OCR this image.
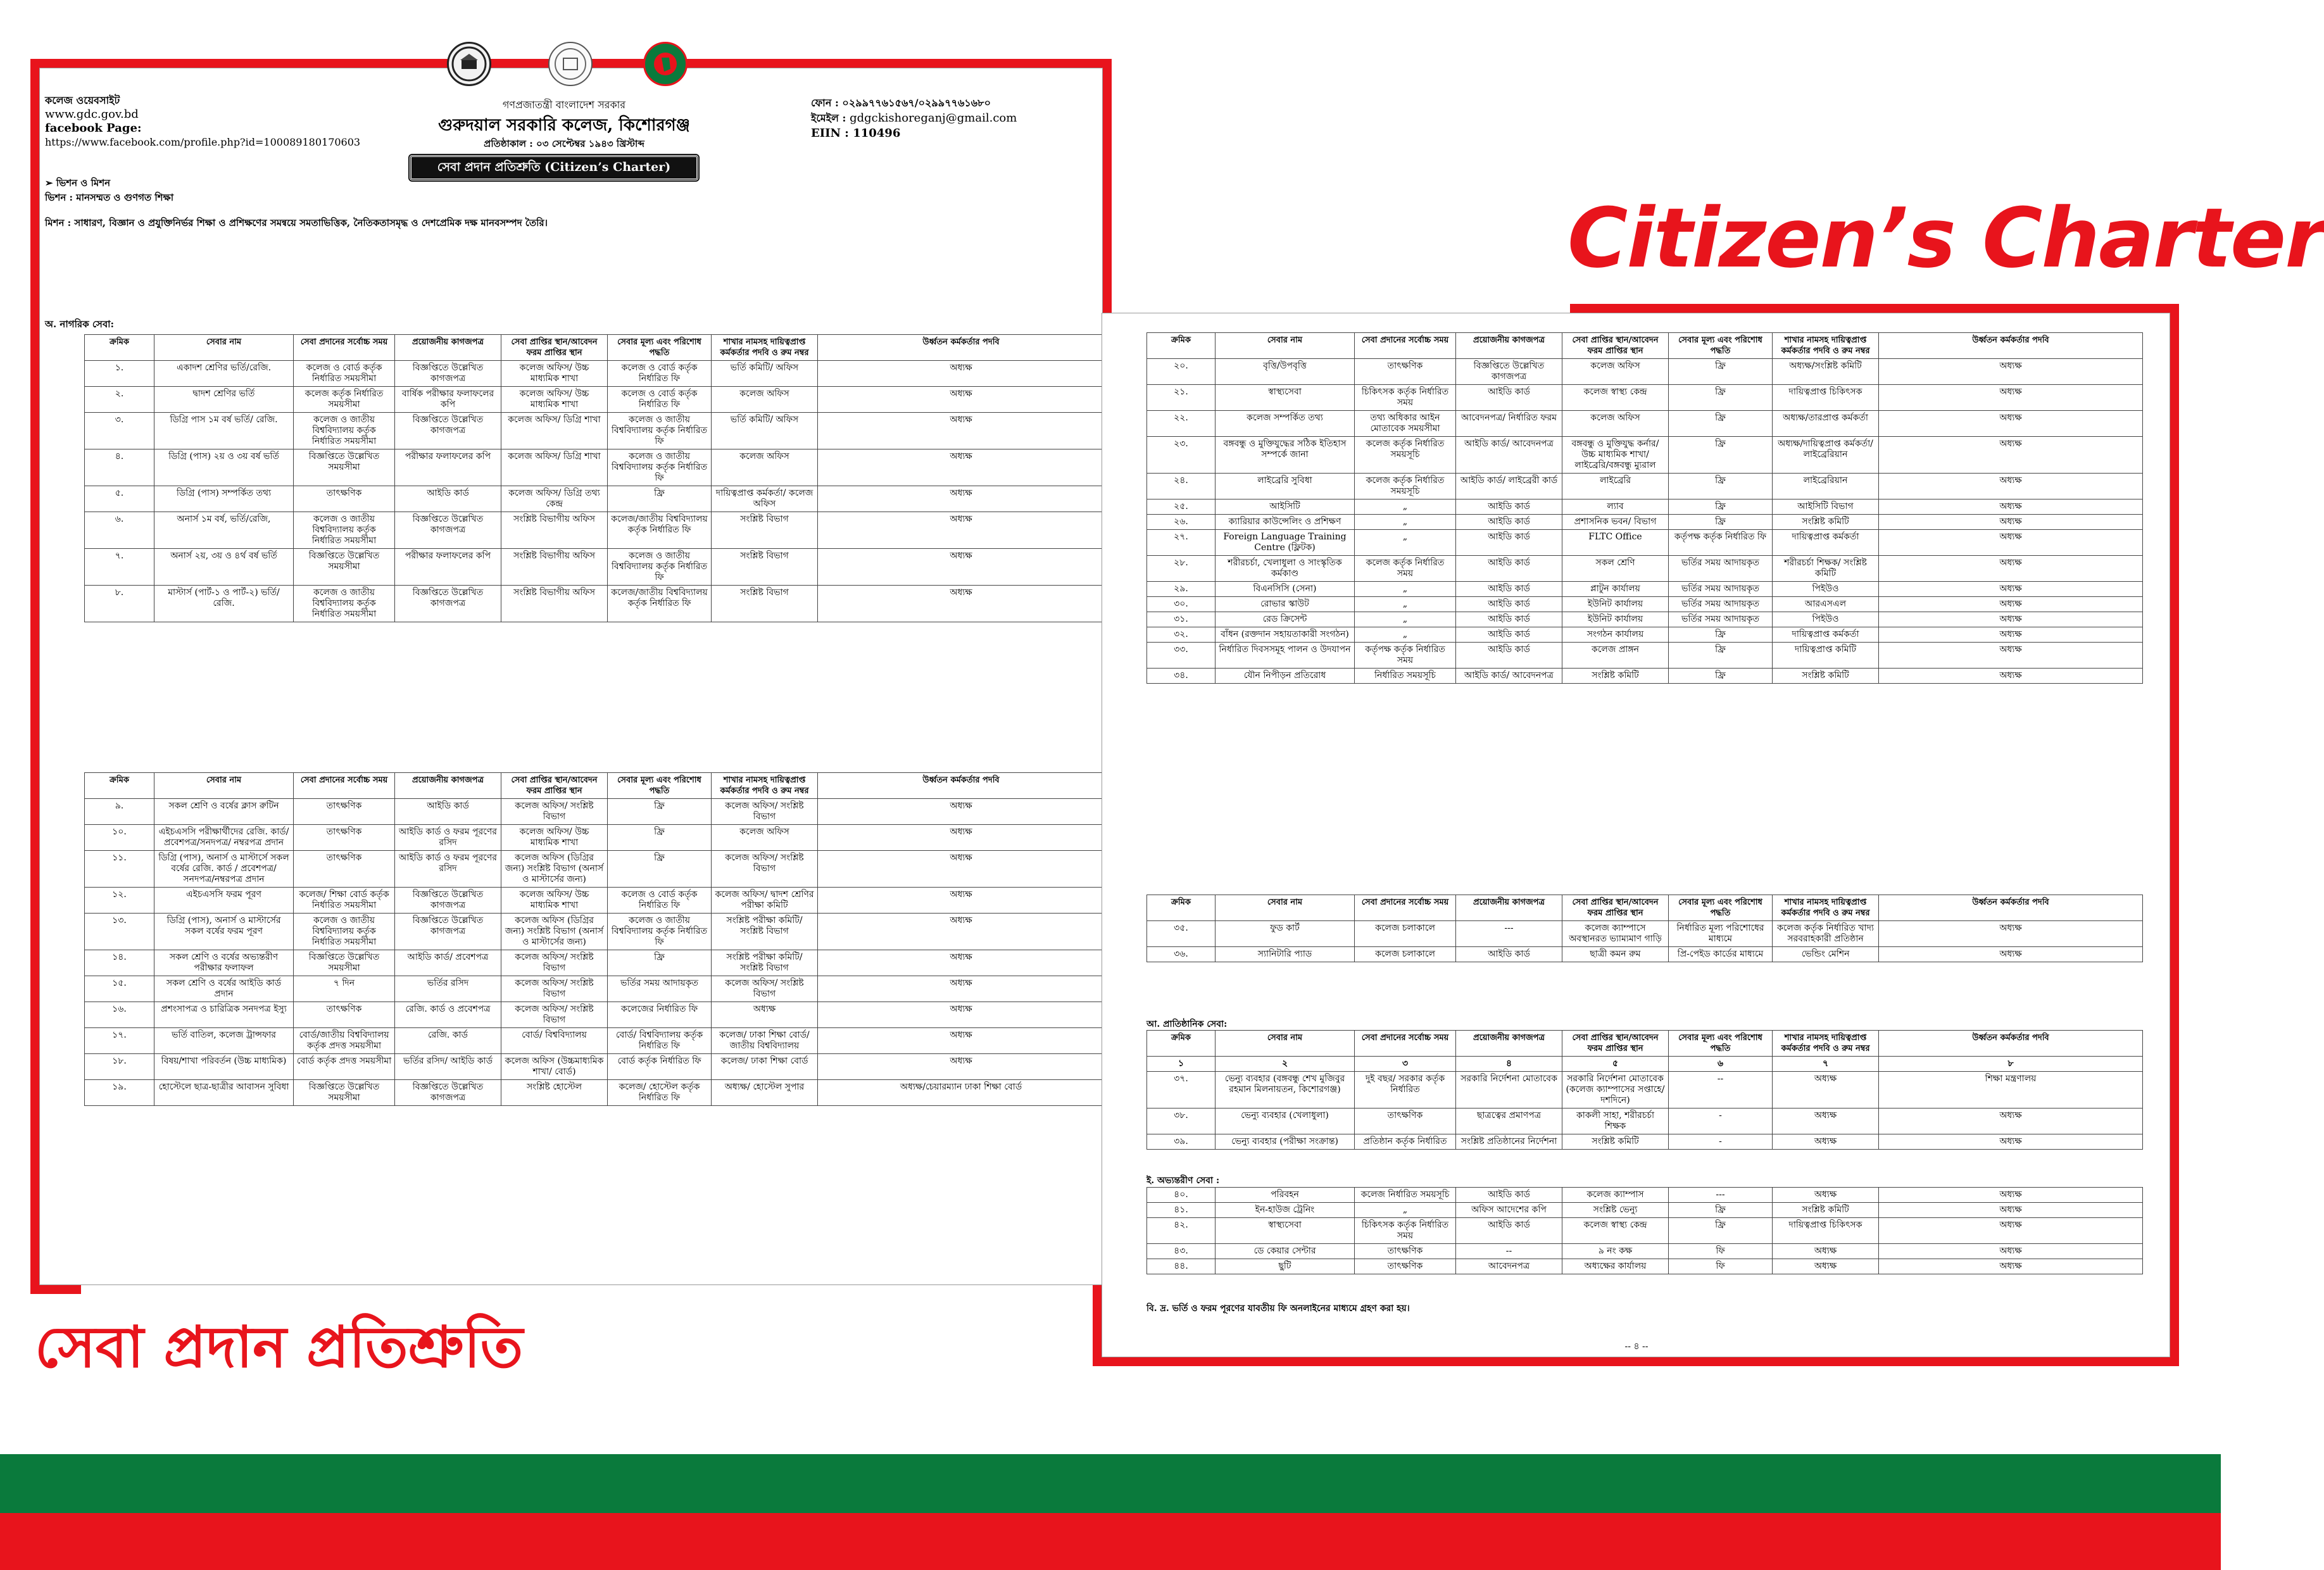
কলেজ ওয়েবসাইট
www.gdc.gov.bd
facebook Page:
https://www.facebook.com/profile.php?id=100089180170603
গণপ্রজাতন্ত্রী বাংলাদেশ সরকার
গুরুদয়াল সরকারি কলেজ, কিশোরগঞ্জ
প্রতিষ্ঠাকাল : ০৩ সেপ্টেম্বর ১৯৪৩ খ্রিস্টাব্দ
সেবা প্রদান প্রতিশ্রুতি (Citizen’s Charter)
ফোন : ০২৯৯৭৭৬১৫৬৭/০২৯৯৭৭৬১৬৮০
ইমেইল : gdgckishoreganj@gmail.com
EIIN : 110496
➢ ভিশন ও মিশন
ভিশন : মানসম্মত ও গুণগত শিক্ষা
মিশন : সাধারণ, বিজ্ঞান ও প্রযুক্তিনির্ভর শিক্ষা ও প্রশিক্ষণের সমন্বয়ে সমতাভিত্তিক, নৈতিকতাসমৃদ্ধ ও দেশপ্রেমিক দক্ষ মানবসম্পদ তৈরি।
অ. নাগরিক সেবা:
ক্রমিক	সেবার নাম	সেবা প্রদানের সর্বোচ্চ সময়	প্রয়োজনীয় কাগজপত্র	সেবা প্রাপ্তির স্থান/আবেদন ফরম প্রাপ্তির স্থান	সেবার মূল্য এবং পরিশোধ পদ্ধতি	শাখার নামসহ দায়িত্বপ্রাপ্ত কর্মকর্তার পদবি ও রুম নম্বর	উর্ধ্বতন কর্মকর্তার পদবি
১.	একাদশ শ্রেণির ভর্তি/রেজি.	কলেজ ও বোর্ড কর্তৃক নির্ধারিত সময়সীমা	বিজ্ঞপ্তিতে উল্লেখিত কাগজপত্র	কলেজ অফিস/ উচ্চ মাধ্যমিক শাখা	কলেজ ও বোর্ড কর্তৃক নির্ধারিত ফি	ভর্তি কমিটি/ অফিস	অধ্যক্ষ
২.	দ্বাদশ শ্রেণির ভর্তি	কলেজ কর্তৃক নির্ধারিত সময়সীমা	বার্ষিক পরীক্ষার ফলাফলের কপি	কলেজ অফিস/ উচ্চ মাধ্যমিক শাখা	কলেজ ও বোর্ড কর্তৃক নির্ধারিত ফি	কলেজ অফিস	অধ্যক্ষ
৩.	ডিগ্রি পাস ১ম বর্ষ ভর্তি/ রেজি.	কলেজ ও জাতীয় বিশ্ববিদ্যালয় কর্তৃক নির্ধারিত সময়সীমা	বিজ্ঞপ্তিতে উল্লেখিত কাগজপত্র	কলেজ অফিস/ ডিগ্রি শাখা	কলেজ ও জাতীয় বিশ্ববিদ্যালয় কর্তৃক নির্ধারিত ফি	ভর্তি কমিটি/ অফিস	অধ্যক্ষ
৪.	ডিগ্রি (পাস) ২য় ও ৩য় বর্ষ ভর্তি	বিজ্ঞপ্তিতে উল্লেখিত সময়সীমা	পরীক্ষার ফলাফলের কপি	কলেজ অফিস/ ডিগ্রি শাখা	কলেজ ও জাতীয় বিশ্ববিদ্যালয় কর্তৃক নির্ধারিত ফি	কলেজ অফিস	অধ্যক্ষ
৫.	ডিগ্রি (পাস) সম্পর্কিত তথ্য	তাৎক্ষণিক	আইডি কার্ড	কলেজ অফিস/ ডিগ্রি তথ্য কেন্দ্র	ফ্রি	দায়িত্বপ্রাপ্ত কর্মকর্তা/ কলেজ অফিস	অধ্যক্ষ
৬.	অনার্স ১ম বর্ষ, ভর্তি/রেজি,	কলেজ ও জাতীয় বিশ্ববিদ্যালয় কর্তৃক নির্ধারিত সময়সীমা	বিজ্ঞপ্তিতে উল্লেখিত কাগজপত্র	সংশ্লিষ্ট বিভাগীয় অফিস	কলেজ/জাতীয় বিশ্ববিদ্যালয় কর্তৃক নির্ধারিত ফি	সংশ্লিষ্ট বিভাগ	অধ্যক্ষ
৭.	অনার্স ২য়, ৩য় ও ৪র্থ বর্ষ ভর্তি	বিজ্ঞপ্তিতে উল্লেখিত সময়সীমা	পরীক্ষার ফলাফলের কপি	সংশ্লিষ্ট বিভাগীয় অফিস	কলেজ ও জাতীয় বিশ্ববিদ্যালয় কর্তৃক নির্ধারিত ফি	সংশ্লিষ্ট বিভাগ	অধ্যক্ষ
৮.	মাস্টার্স (পার্ট-১ ও পার্ট-২) ভর্তি/ রেজি.	কলেজ ও জাতীয় বিশ্ববিদ্যালয় কর্তৃক নির্ধারিত সময়সীমা	বিজ্ঞপ্তিতে উল্লেখিত কাগজপত্র	সংশ্লিষ্ট বিভাগীয় অফিস	কলেজ/জাতীয় বিশ্ববিদ্যালয় কর্তৃক নির্ধারিত ফি	সংশ্লিষ্ট বিভাগ	অধ্যক্ষ
ক্রমিক	সেবার নাম	সেবা প্রদানের সর্বোচ্চ সময়	প্রয়োজনীয় কাগজপত্র	সেবা প্রাপ্তির স্থান/আবেদন ফরম প্রাপ্তির স্থান	সেবার মূল্য এবং পরিশোধ পদ্ধতি	শাখার নামসহ দায়িত্বপ্রাপ্ত কর্মকর্তার পদবি ও রুম নম্বর	উর্ধ্বতন কর্মকর্তার পদবি
৯.	সকল শ্রেণি ও বর্ষের ক্লাস রুটিন	তাৎক্ষণিক	আইডি কার্ড	কলেজ অফিস/ সংশ্লিষ্ট বিভাগ	ফ্রি	কলেজ অফিস/ সংশ্লিষ্ট বিভাগ	অধ্যক্ষ
১০.	এইচএসসি পরীক্ষার্থীদের রেজি. কার্ড/ প্রবেশপত্র/সনদপত্র/ নম্বরপত্র প্রদান	তাৎক্ষণিক	আইডি কার্ড ও ফরম পূরণের রসিদ	কলেজ অফিস/ উচ্চ মাধ্যমিক শাখা	ফ্রি	কলেজ অফিস	অধ্যক্ষ
১১.	ডিগ্রি (পাস), অনার্স ও মাস্টার্সে সকল বর্ষের রেজি. কার্ড / প্রবেশপত্র/ সনদপত্র/নম্বরপত্র প্রদান	তাৎক্ষণিক	আইডি কার্ড ও ফরম পূরণের রসিদ	কলেজ অফিস (ডিগ্রির জন্য) সংশ্লিষ্ট বিভাগ (অনার্স ও মাস্টার্সের জন্য)	ফ্রি	কলেজ অফিস/ সংশ্লিষ্ট বিভাগ	অধ্যক্ষ
১২.	এইচএসসি ফরম পূরণ	কলেজ/ শিক্ষা বোর্ড কর্তৃক নির্ধারিত সময়সীমা	বিজ্ঞপ্তিতে উল্লেখিত কাগজপত্র	কলেজ অফিস/ উচ্চ মাধ্যমিক শাখা	কলেজ ও বোর্ড কর্তৃক নির্ধারিত ফি	কলেজ অফিস/ দ্বাদশ শ্রেণির পরীক্ষা কমিটি	অধ্যক্ষ
১৩.	ডিগ্রি (পাস), অনার্স ও মাস্টার্সের সকল বর্ষের ফরম পূরণ	কলেজ ও জাতীয় বিশ্ববিদ্যালয় কর্তৃক নির্ধারিত সময়সীমা	বিজ্ঞপ্তিতে উল্লেখিত কাগজপত্র	কলেজ অফিস (ডিগ্রির জন্য) সংশ্লিষ্ট বিভাগ (অনার্স ও মাস্টার্সের জন্য)	কলেজ ও জাতীয় বিশ্ববিদ্যালয় কর্তৃক নির্ধারিত ফি	সংশ্লিষ্ট পরীক্ষা কমিটি/ সংশ্লিষ্ট বিভাগ	অধ্যক্ষ
১৪.	সকল শ্রেণি ও বর্ষের অভ্যন্তরীণ পরীক্ষার ফলাফল	বিজ্ঞপ্তিতে উল্লেখিত সময়সীমা	আইডি কার্ড/ প্রবেশপত্র	কলেজ অফিস/ সংশ্লিষ্ট বিভাগ	ফ্রি	সংশ্লিষ্ট পরীক্ষা কমিটি/ সংশ্লিষ্ট বিভাগ	অধ্যক্ষ
১৫.	সকল শ্রেণি ও বর্ষের আইডি কার্ড প্রদান	৭ দিন	ভর্তির রসিদ	কলেজ অফিস/ সংশ্লিষ্ট বিভাগ	ভর্তির সময় আদায়কৃত	কলেজ অফিস/ সংশ্লিষ্ট বিভাগ	অধ্যক্ষ
১৬.	প্রশংসাপত্র ও চারিত্রিক সনদপত্র ইস্যু	তাৎক্ষণিক	রেজি. কার্ড ও প্রবেশপত্র	কলেজ অফিস/ সংশ্লিষ্ট বিভাগ	কলেজের নির্ধারিত ফি	অধ্যক্ষ	অধ্যক্ষ
১৭.	ভর্তি বাতিল, কলেজ ট্রান্সফার	বোর্ড/জাতীয় বিশ্ববিদ্যালয় কর্তৃক প্রদত্ত সময়সীমা	রেজি. কার্ড	বোর্ড/ বিশ্ববিদ্যালয়	বোর্ড/ বিশ্ববিদ্যালয় কর্তৃক নির্ধারিত ফি	কলেজ/ ঢাকা শিক্ষা বোর্ড/ জাতীয় বিশ্ববিদ্যালয়	অধ্যক্ষ
১৮.	বিষয়/শাখা পরিবর্তন (উচ্চ মাধ্যমিক)	বোর্ড কর্তৃক প্রদত্ত সময়সীমা	ভর্তির রসিদ/ আইডি কার্ড	কলেজ অফিস (উচ্চমাধ্যমিক শাখা/ বোর্ড)	বোর্ড কর্তৃক নির্ধারিত ফি	কলেজ/ ঢাকা শিক্ষা বোর্ড	অধ্যক্ষ
১৯.	হোস্টেলে ছাত্র-ছাত্রীর আবাসন সুবিধা	বিজ্ঞপ্তিতে উল্লেখিত সময়সীমা	বিজ্ঞপ্তিতে উল্লেখিত কাগজপত্র	সংশ্লিষ্ট হোস্টেল	কলেজ/ হোস্টেল কর্তৃক নির্ধারিত ফি	অধ্যক্ষ/ হোস্টেল সুপার	অধ্যক্ষ/চেয়ারম্যান ঢাকা শিক্ষা বোর্ড
ক্রমিক	সেবার নাম	সেবা প্রদানের সর্বোচ্চ সময়	প্রয়োজনীয় কাগজপত্র	সেবা প্রাপ্তির স্থান/আবেদন ফরম প্রাপ্তির স্থান	সেবার মূল্য এবং পরিশোধ পদ্ধতি	শাখার নামসহ দায়িত্বপ্রাপ্ত কর্মকর্তার পদবি ও রুম নম্বর	উর্ধ্বতন কর্মকর্তার পদবি
২০.	বৃত্তি/উপবৃত্তি	তাৎক্ষণিক	বিজ্ঞপ্তিতে উল্লেখিত কাগজপত্র	কলেজ অফিস	ফ্রি	অধ্যক্ষ/সংশ্লিষ্ট কমিটি	অধ্যক্ষ
২১.	স্বাস্থ্যসেবা	চিকিৎসক কর্তৃক নির্ধারিত সময়	আইডি কার্ড	কলেজ স্বাস্থ্য কেন্দ্র	ফ্রি	দায়িত্বপ্রাপ্ত চিকিৎসক	অধ্যক্ষ
২২.	কলেজ সম্পর্কিত তথ্য	তথ্য অধিকার আইন মোতাবেক সময়সীমা	আবেদনপত্র/ নির্ধারিত ফরম	কলেজ অফিস	ফ্রি	অধ্যক্ষ/তারপ্রাপ্ত কর্মকর্তা	অধ্যক্ষ
২৩.	বঙ্গবন্ধু ও মুক্তিযুদ্ধের সঠিক ইতিহাস সম্পর্কে জানা	কলেজ কর্তৃক নির্ধারিত সময়সূচি	আইডি কার্ড/ আবেদনপত্র	বঙ্গবন্ধু ও মুক্তিযুদ্ধ কর্নার/উচ্চ মাধ্যমিক শাখা/ লাইব্রেরি/বঙ্গবন্ধু ম্যুরাল	ফ্রি	অধ্যক্ষ/দায়িত্বপ্রাপ্ত কর্মকর্তা/ লাইব্রেরিয়ান	অধ্যক্ষ
২৪.	লাইব্রেরি সুবিধা	কলেজ কর্তৃক নির্ধারিত সময়সূচি	আইডি কার্ড/ লাইব্রেরী কার্ড	লাইব্রেরি	ফ্রি	লাইব্রেরিয়ান	অধ্যক্ষ
২৫.	আইসিটি	„	আইডি কার্ড	ল্যাব	ফ্রি	আইসিটি বিভাগ	অধ্যক্ষ
২৬.	ক্যারিয়ার কাউন্সেলিং ও প্রশিক্ষণ	„	আইডি কার্ড	প্রশাসনিক ভবন/ বিভাগ	ফ্রি	সংশ্লিষ্ট কমিটি	অধ্যক্ষ
২৭.	Foreign Language Training Centre (ফ্লিটক)	„	আইডি কার্ড	FLTC Office	কর্তৃপক্ষ কর্তৃক নির্ধারিত ফি	দায়িত্বপ্রাপ্ত কর্মকর্তা	অধ্যক্ষ
২৮.	শরীরচর্চা, খেলাধুলা ও সাংস্কৃতিক কর্মকাণ্ড	কলেজ কর্তৃক নির্ধারিত সময়	আইডি কার্ড	সকল শ্রেণি	ভর্তির সময় আদায়কৃত	শরীরচর্চা শিক্ষক/ সংশ্লিষ্ট কমিটি	অধ্যক্ষ
২৯.	বিএনসিসি (সেনা)	„	আইডি কার্ড	প্লাটুন কার্যালয়	ভর্তির সময় আদায়কৃত	পিইউও	অধ্যক্ষ
৩০.	রোভার স্কাউট	„	আইডি কার্ড	ইউনিট কার্যালয়	ভর্তির সময় আদায়কৃত	আরএসএল	অধ্যক্ষ
৩১.	রেড ক্রিসেন্ট	„	আইডি কার্ড	ইউনিট কার্যালয়	ভর্তির সময় আদায়কৃত	পিইউও	অধ্যক্ষ
৩২.	বাঁধন (রক্তদান সহায়তাকারী সংগঠন)	„	আইডি কার্ড	সংগঠন কার্যালয়	ফ্রি	দায়িত্বপ্রাপ্ত কর্মকর্তা	অধ্যক্ষ
৩৩.	নির্ধারিত দিবসসমূহ পালন ও উদযাপন	কর্তৃপক্ষ কর্তৃক নির্ধারিত সময়	আইডি কার্ড	কলেজ প্রাঙ্গন	ফ্রি	দায়িত্বপ্রাপ্ত কমিটি	অধ্যক্ষ
৩৪.	যৌন নিপীড়ন প্রতিরোধ	নির্ধারিত সময়সূচি	আইডি কার্ড/ আবেদনপত্র	সংশ্লিষ্ট কমিটি	ফ্রি	সংশ্লিষ্ট কমিটি	অধ্যক্ষ
ক্রমিক	সেবার নাম	সেবা প্রদানের সর্বোচ্চ সময়	প্রয়োজনীয় কাগজপত্র	সেবা প্রাপ্তির স্থান/আবেদন ফরম প্রাপ্তির স্থান	সেবার মূল্য এবং পরিশোধ পদ্ধতি	শাখার নামসহ দায়িত্বপ্রাপ্ত কর্মকর্তার পদবি ও রুম নম্বর	উর্ধ্বতন কর্মকর্তার পদবি
৩৫.	ফুড কার্ট	কলেজ চলাকালে	---	কলেজ ক্যাম্পাসে অবস্থানরত ভ্যাম্যমাণ গাড়ি	নির্ধারিত মূল্য পরিশোধের মাধ্যমে	কলেজ কর্তৃক নির্ধারিত খাদ্য সরবরাহকারী প্রতিষ্ঠান	অধ্যক্ষ
৩৬.	স্যানিটারি প্যাড	কলেজ চলাকালে	আইডি কার্ড	ছাত্রী কমন রুম	প্রি-পেইড কার্ডের মাধ্যমে	ভেন্ডিং মেশিন	অধ্যক্ষ
আ. প্রাতিষ্ঠানিক সেবা:
ক্রমিক	সেবার নাম	সেবা প্রদানের সর্বোচ্চ সময়	প্রয়োজনীয় কাগজপত্র	সেবা প্রাপ্তির স্থান/আবেদন ফরম প্রাপ্তির স্থান	সেবার মূল্য এবং পরিশোধ পদ্ধতি	শাখার নামসহ দায়িত্বপ্রাপ্ত কর্মকর্তার পদবি ও রুম নম্বর	উর্ধ্বতন কর্মকর্তার পদবি
১	২	৩	৪	৫	৬	৭	৮
৩৭.	ভেন্যু ব্যবহার (বঙ্গবন্ধু শেখ মুজিবুর রহমান মিলনায়তন, কিশোরগঞ্জ)	দুই বছর/ সরকার কর্তৃক নির্ধারিত	সরকারি নির্দেশনা মোতাবেক	সরকারি নির্দেশনা মোতাবেক (কলেজ ক্যাম্পাসের সপ্তাহে/দশদিনে)	--	অধ্যক্ষ	শিক্ষা মন্ত্রণালয়
৩৮.	ভেন্যু ব্যবহার (খেলাধুলা)	তাৎক্ষণিক	ছাত্রত্বের প্রমাণপত্র	কাকলী সাহা, শরীরচর্চা শিক্ষক	-	অধ্যক্ষ	অধ্যক্ষ
৩৯.	ভেন্যু ব্যবহার (পরীক্ষা সংক্রান্ত)	প্রতিষ্ঠান কর্তৃক নির্ধারিত	সংশ্লিষ্ট প্রতিষ্ঠানের নির্দেশনা	সংশ্লিষ্ট কমিটি	-	অধ্যক্ষ	অধ্যক্ষ
ই. অভ্যন্তরীণ সেবা :
৪০.	পরিবহন	কলেজ নির্ধারিত সময়সূচি	আইডি কার্ড	কলেজ ক্যাম্পাস	---	অধ্যক্ষ	অধ্যক্ষ
৪১.	ইন-হাউজ ট্রেনিং	„	অফিস আদেশের কপি	সংশ্লিষ্ট ভেন্যু	ফ্রি	সংশ্লিষ্ট কমিটি	অধ্যক্ষ
৪২.	স্বাস্থ্যসেবা	চিকিৎসক কর্তৃক নির্ধারিত সময়	আইডি কার্ড	কলেজ স্বাস্থ্য কেন্দ্র	ফ্রি	দায়িত্বপ্রাপ্ত চিকিৎসক	অধ্যক্ষ
৪৩.	ডে কেয়ার সেন্টার	তাৎক্ষণিক	--	৯ নং কক্ষ	ফি	অধ্যক্ষ	অধ্যক্ষ
৪৪.	ছুটি	তাৎক্ষণিক	আবেদনপত্র	অধ্যক্ষের কার্যালয়	ফি	অধ্যক্ষ	অধ্যক্ষ
বি. দ্র. ভর্তি ও ফরম পূরণের যাবতীয় ফি অনলাইনের মাধ্যমে গ্রহণ করা হয়।
-- ৪ --
Citizen’s Charter
সেবা প্রদান প্রতিশ্রুতি
